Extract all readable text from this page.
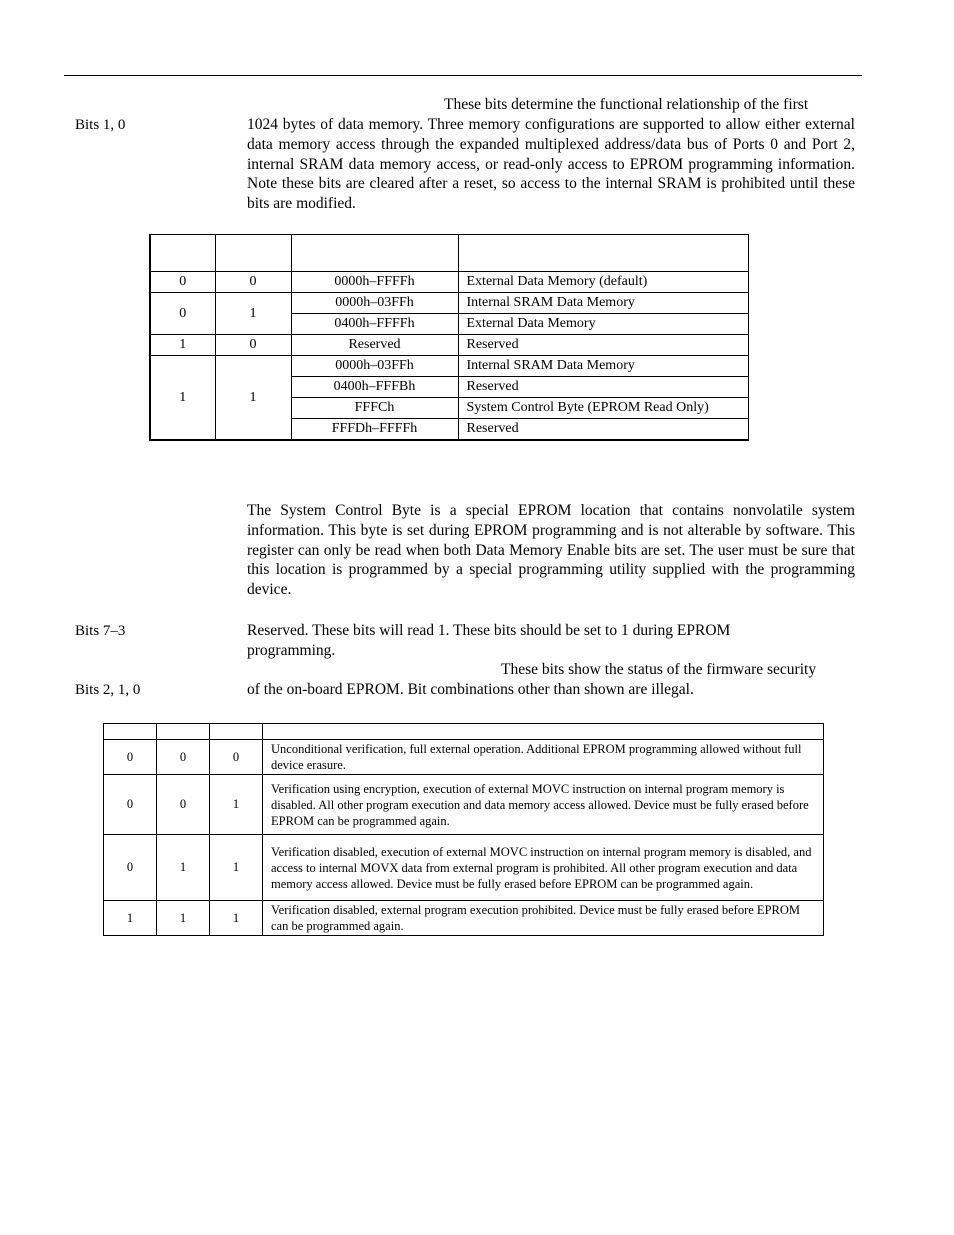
These bits determine the functional relationship of the first
Bits 1, 0	1024 bytes of data memory. Three memory configurations are supported to allow either external data memory access through the expanded multiplexed address/data bus of Ports 0 and Port 2, internal SRAM data memory access, or read-only access to EPROM programming information. Note these bits are cleared after a reset, so access to the internal SRAM is prohibited until these bits are modified.

0	0	0000h–FFFFh	External Data Memory (default)
0	1	0000h–03FFh	Internal SRAM Data Memory
		0400h–FFFFh	External Data Memory
1	0	Reserved	Reserved
1	1	0000h–03FFh	Internal SRAM Data Memory
		0400h–FFFBh	Reserved
		FFFCh	System Control Byte (EPROM Read Only)
		FFFDh–FFFFh	Reserved
The System Control Byte is a special EPROM location that contains nonvolatile system information. This byte is set during EPROM programming and is not alterable by software. This register can only be read when both Data Memory Enable bits are set. The user must be sure that this location is programmed by a special programming utility supplied with the programming device.
Bits 7–3	Reserved. These bits will read 1. These bits should be set to 1 during EPROM programming.
These bits show the status of the firmware security
Bits 2, 1, 0	of the on-board EPROM. Bit combinations other than shown are illegal.

0	0	0	Unconditional verification, full external operation. Additional EPROM programming allowed without full device erasure.
0	0	1	Verification using encryption, execution of external MOVC instruction on internal program memory is disabled. All other program execution and data memory access allowed. Device must be fully erased before EPROM can be programmed again.
0	1	1	Verification disabled, execution of external MOVC instruction on internal program memory is disabled, and access to internal MOVX data from external program is prohibited. All other program execution and data memory access allowed. Device must be fully erased before EPROM can be programmed again.
1	1	1	Verification disabled, external program execution prohibited. Device must be fully erased before EPROM can be programmed again.
